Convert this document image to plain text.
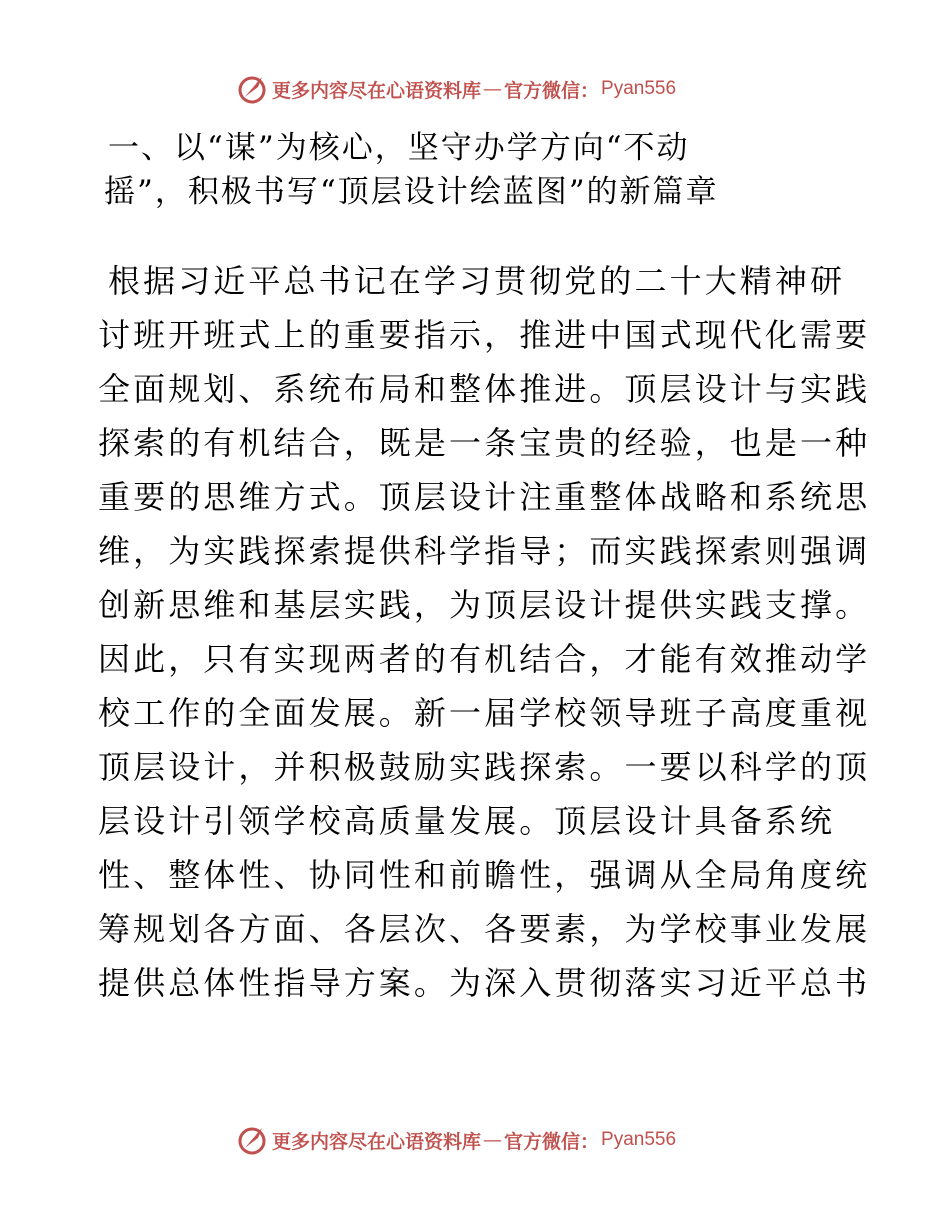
更多内容尽在心语资料库 — 官方微信： Pyan556
一、以“谋”为核心，坚守办学方向“不动
摇”，积极书写“顶层设计绘蓝图”的新篇章
根据习近平总书记在学习贯彻党的二十大精神研
讨班开班式上的重要指示，推进中国式现代化需要
全面规划、系统布局和整体推进。顶层设计与实践
探索的有机结合，既是一条宝贵的经验，也是一种
重要的思维方式。顶层设计注重整体战略和系统思
维，为实践探索提供科学指导；而实践探索则强调
创新思维和基层实践，为顶层设计提供实践支撑。
因此，只有实现两者的有机结合，才能有效推动学
校工作的全面发展。新一届学校领导班子高度重视
顶层设计，并积极鼓励实践探索。一要以科学的顶
层设计引领学校高质量发展。顶层设计具备系统
性、整体性、协同性和前瞻性，强调从全局角度统
筹规划各方面、各层次、各要素，为学校事业发展
提供总体性指导方案。为深入贯彻落实习近平总书
更多内容尽在心语资料库 — 官方微信： Pyan556
